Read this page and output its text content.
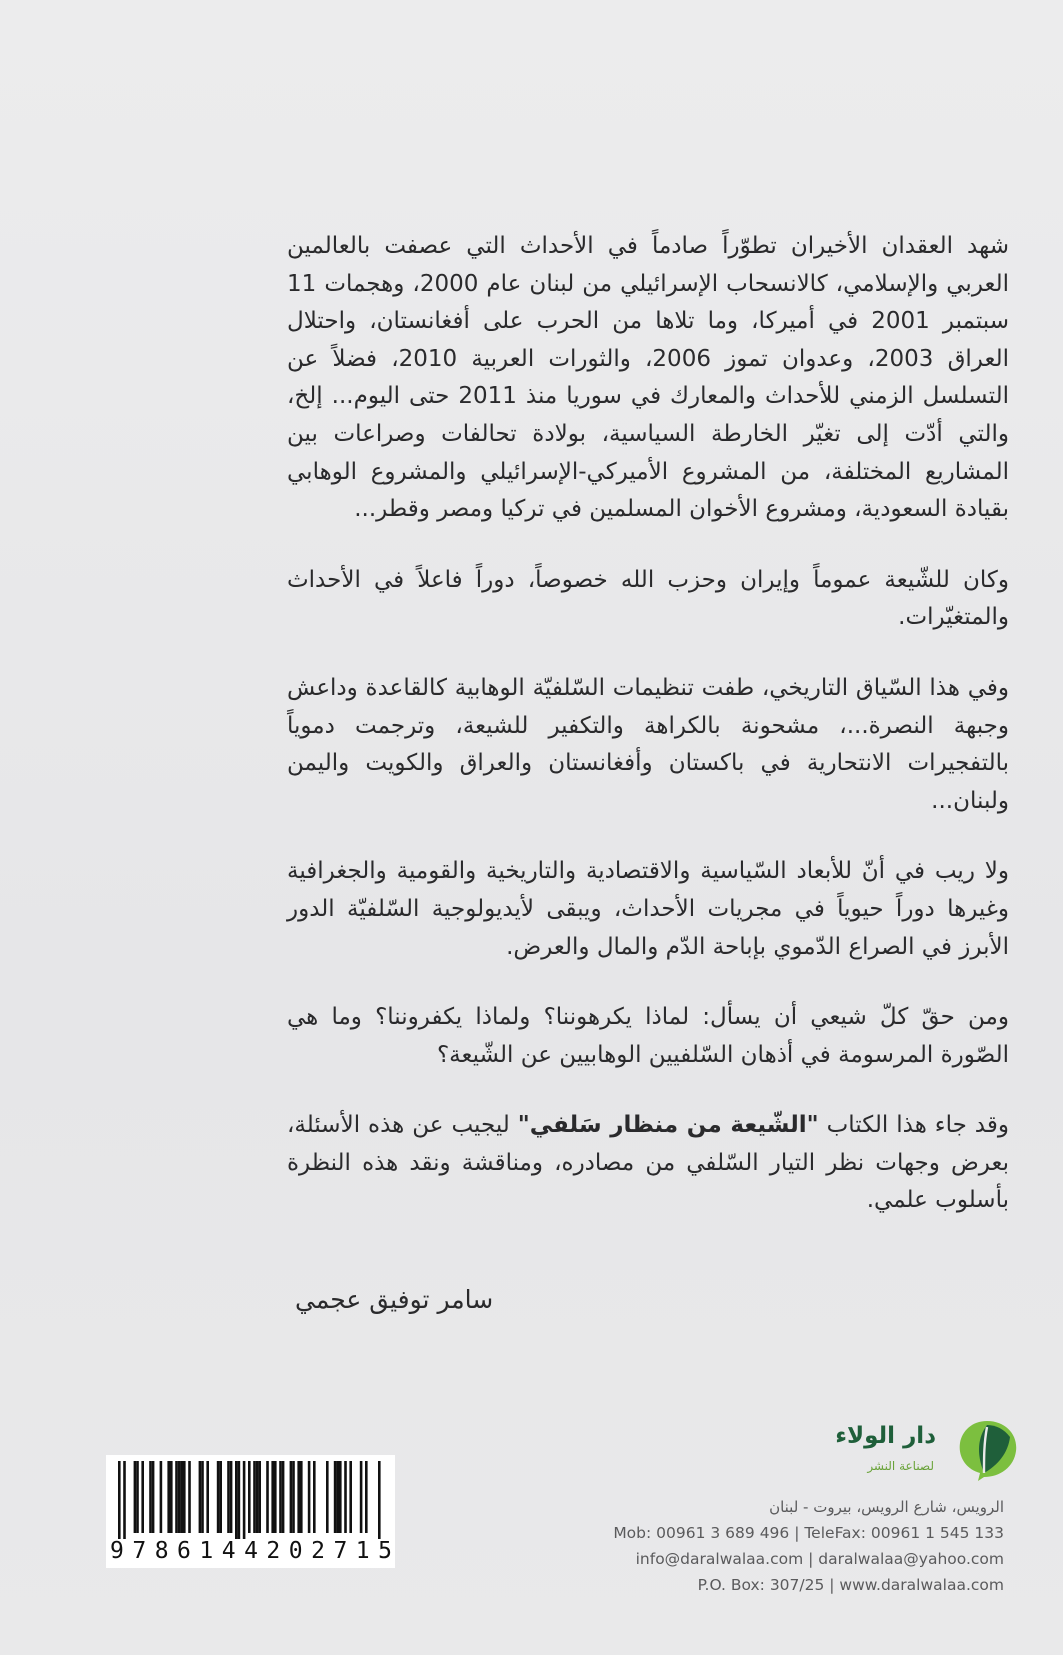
شهد العقدان الأخيران تطوّراً صادماً في الأحداث التي عصفت بالعالمين العربي والإسلامي، كالانسحاب الإسرائيلي من لبنان عام 2000، وهجمات 11 سبتمبر 2001 في أميركا، وما تلاها من الحرب على أفغانستان، واحتلال العراق 2003، وعدوان تموز 2006، والثورات العربية 2010، فضلاً عن التسلسل الزمني للأحداث والمعارك في سوريا منذ 2011 حتى اليوم... إلخ، والتي أدّت إلى تغيّر الخارطة السياسية، بولادة تحالفات وصراعات بين المشاريع المختلفة، من المشروع الأميركي-الإسرائيلي والمشروع الوهابي بقيادة السعودية، ومشروع الأخوان المسلمين في تركيا ومصر وقطر...

وكان للشّيعة عموماً وإيران وحزب الله خصوصاً، دوراً فاعلاً في الأحداث والمتغيّرات.

وفي هذا السّياق التاريخي، طفت تنظيمات السّلفيّة الوهابية كالقاعدة وداعش وجبهة النصرة...، مشحونة بالكراهة والتكفير للشيعة، وترجمت دموياً بالتفجيرات الانتحارية في باكستان وأفغانستان والعراق والكويت واليمن ولبنان...

ولا ريب في أنّ للأبعاد السّياسية والاقتصادية والتاريخية والقومية والجغرافية وغيرها دوراً حيوياً في مجريات الأحداث، ويبقى لأيديولوجية السّلفيّة الدور الأبرز في الصراع الدّموي بإباحة الدّم والمال والعرض.

ومن حقّ كلّ شيعي أن يسأل: لماذا يكرهوننا؟ ولماذا يكفروننا؟ وما هي الصّورة المرسومة في أذهان السّلفيين الوهابيين عن الشّيعة؟

وقد جاء هذا الكتاب "الشّيعة من منظار سَلفي" ليجيب عن هذه الأسئلة، بعرض وجهات نظر التيار السّلفي من مصادره، ومناقشة ونقد هذه النظرة بأسلوب علمي.

سامر توفيق عجمي
دار الولاء
لصناعة النشر
الرويس، شارع الرويس، بيروت - لبنان
Mob: 00961 3 689 496 | TeleFax: 00961 1 545 133
info@daralwalaa.com | daralwalaa@yahoo.com
P.O. Box: 307/25 | www.daralwalaa.com
9 7 8 6 1 4 4 2 0 2 7 1 5
